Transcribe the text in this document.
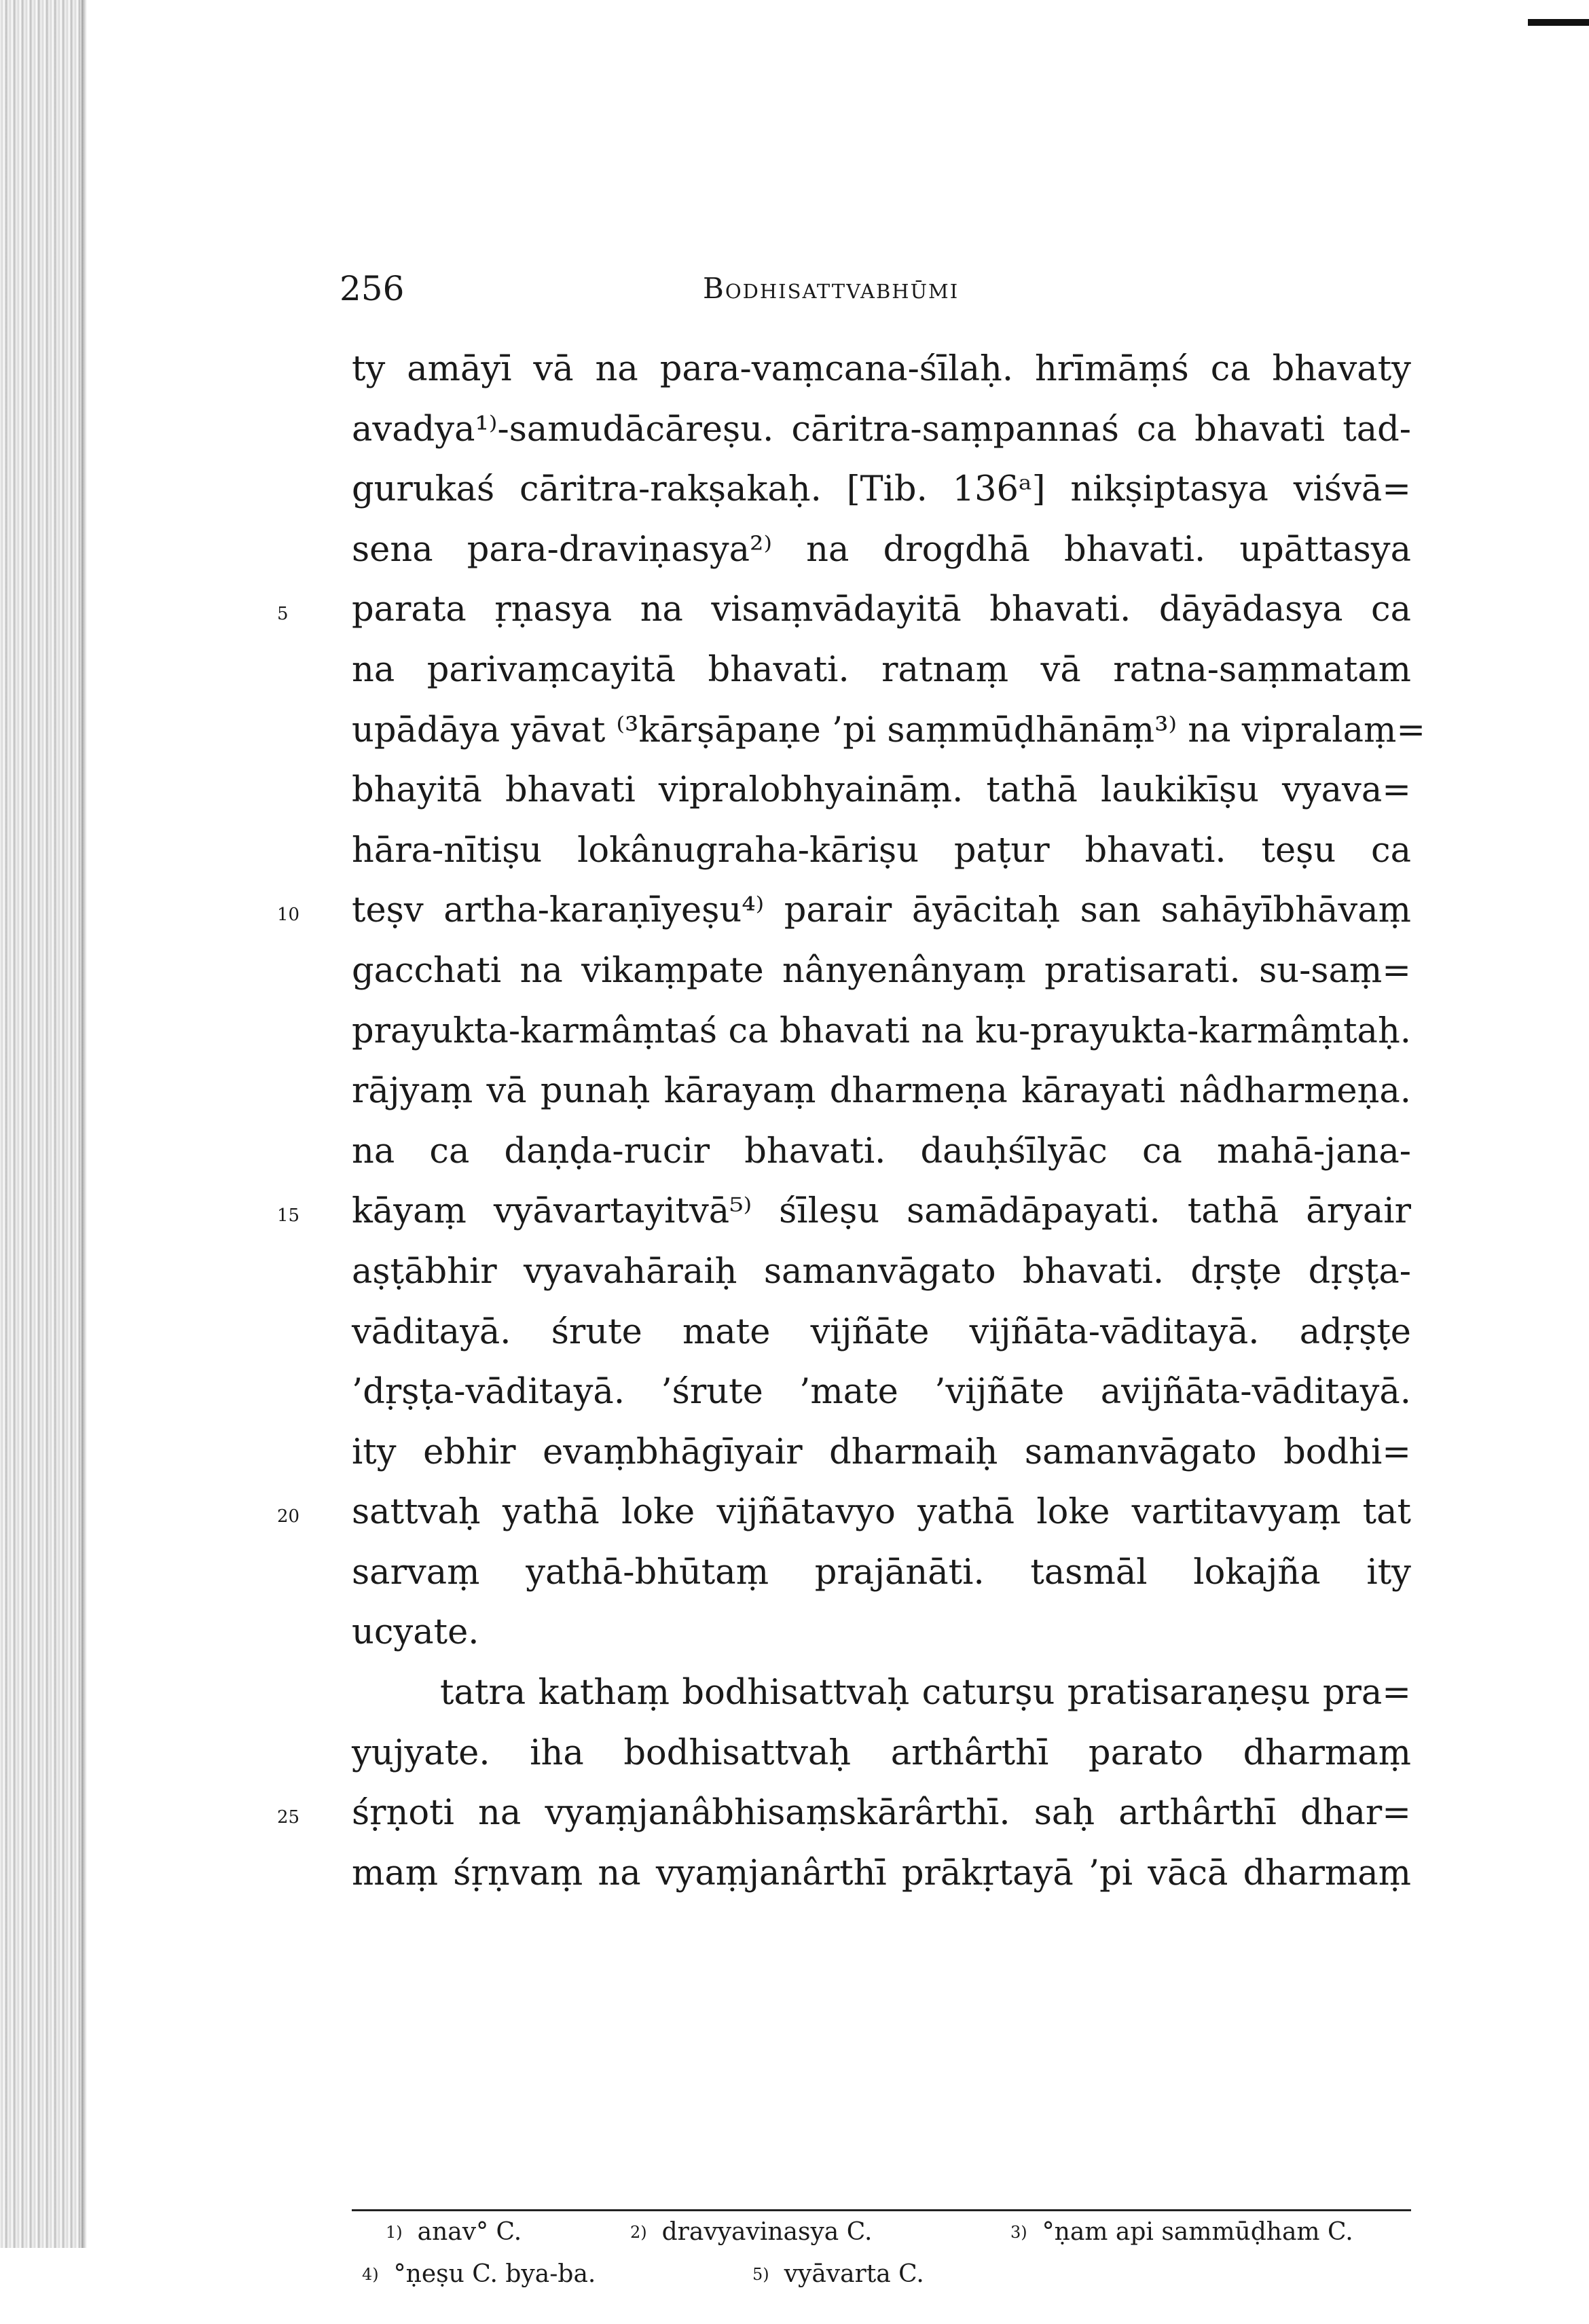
256	Bodhisattvabhūmi
ty amāyī vā na para-vaṃcana-śīlaḥ. hrīmāṃś ca bhavaty
avadya¹⁾-samudācāreṣu. cāritra-saṃpannaś ca bhavati tad-
gurukaś cāritra-rakṣakaḥ. [Tib. 136ᵃ] nikṣiptasya viśvā=
sena para-draviṇasya²⁾ na drogdhā bhavati. upāttasya
5	parata ṛṇasya na visaṃvādayitā bhavati. dāyādasya ca
na parivaṃcayitā bhavati. ratnaṃ vā ratna-saṃmatam
upādāya yāvat ⁽³kārṣāpaṇe ’pi saṃmūḍhānāṃ³⁾ na vipralaṃ=
bhayitā bhavati vipralobhyaināṃ. tathā laukikīṣu vyava=
hāra-nītiṣu lokânugraha-kāriṣu paṭur bhavati. teṣu ca
10	teṣv artha-karaṇīyeṣu⁴⁾ parair āyācitaḥ san sahāyībhāvaṃ
gacchati na vikaṃpate nânyenânyaṃ pratisarati. su-saṃ=
prayukta-karmâṃtaś ca bhavati na ku-prayukta-karmâṃtaḥ.
rājyaṃ vā punaḥ kārayaṃ dharmeṇa kārayati nâdharmeṇa.
na ca daṇḍa-rucir bhavati. dauḥśīlyāc ca mahā-jana-
15	kāyaṃ vyāvartayitvā⁵⁾ śīleṣu samādāpayati. tathā āryair
aṣṭābhir vyavahāraiḥ samanvāgato bhavati. dṛṣṭe dṛṣṭa-
vāditayā. śrute mate vijñāte vijñāta-vāditayā. adṛṣṭe
’dṛṣṭa-vāditayā. ’śrute ’mate ’vijñāte avijñāta-vāditayā.
ity ebhir evaṃbhāgīyair dharmaiḥ samanvāgato bodhi=
20	sattvaḥ yathā loke vijñātavyo yathā loke vartitavyaṃ tat
sarvaṃ yathā-bhūtaṃ prajānāti. tasmāl lokajña ity
ucyate.
tatra kathaṃ bodhisattvaḥ caturṣu pratisaraṇeṣu pra=
yujyate. iha bodhisattvaḥ arthârthī parato dharmaṃ
25	śṛṇoti na vyaṃjanâbhisaṃskārârthī. saḥ arthârthī dhar=
maṃ śṛṇvaṃ na vyaṃjanârthī prākṛtayā ’pi vācā dharmaṃ
$^{1)}$ anav° C.	$^{2)}$ dravyavinasya C.	$^{3)}$ °ṇam api sammūḍham C.
$^{4)}$ °ṇeṣu C. bya-ba.	$^{5)}$ vyāvarta C.
